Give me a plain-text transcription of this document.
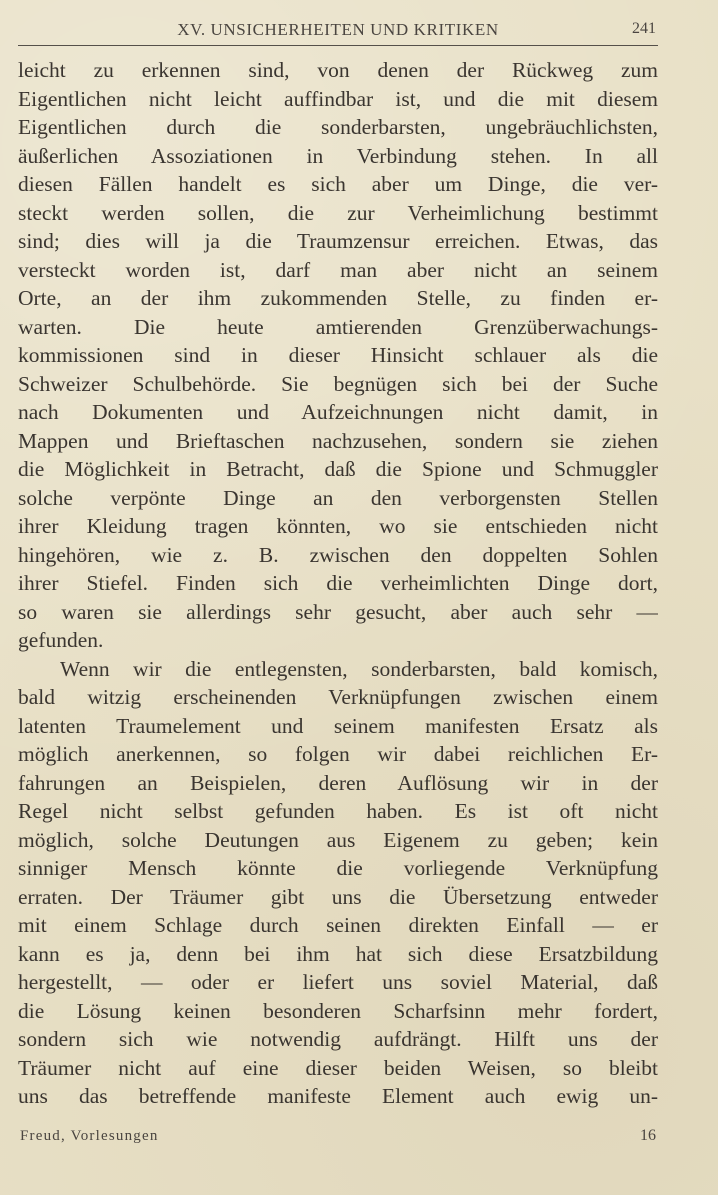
XV. UNSICHERHEITEN UND KRITIKEN	241
leicht zu erkennen sind, von denen der Rückweg zum
Eigentlichen nicht leicht auffindbar ist, und die mit diesem
Eigentlichen durch die sonderbarsten, ungebräuchlichsten,
äußerlichen Assoziationen in Verbindung stehen. In all
diesen Fällen handelt es sich aber um Dinge, die ver-
steckt werden sollen, die zur Verheimlichung bestimmt
sind; dies will ja die Traumzensur erreichen. Etwas, das
versteckt worden ist, darf man aber nicht an seinem
Orte, an der ihm zukommenden Stelle, zu finden er-
warten. Die heute amtierenden Grenzüberwachungs-
kommissionen sind in dieser Hinsicht schlauer als die
Schweizer Schulbehörde. Sie begnügen sich bei der Suche
nach Dokumenten und Aufzeichnungen nicht damit, in
Mappen und Brieftaschen nachzusehen, sondern sie ziehen
die Möglichkeit in Betracht, daß die Spione und Schmuggler
solche verpönte Dinge an den verborgensten Stellen
ihrer Kleidung tragen könnten, wo sie entschieden nicht
hingehören, wie z. B. zwischen den doppelten Sohlen
ihrer Stiefel. Finden sich die verheimlichten Dinge dort,
so waren sie allerdings sehr gesucht, aber auch sehr —
gefunden.
Wenn wir die entlegensten, sonderbarsten, bald komisch,
bald witzig erscheinenden Verknüpfungen zwischen einem
latenten Traumelement und seinem manifesten Ersatz als
möglich anerkennen, so folgen wir dabei reichlichen Er-
fahrungen an Beispielen, deren Auflösung wir in der
Regel nicht selbst gefunden haben. Es ist oft nicht
möglich, solche Deutungen aus Eigenem zu geben; kein
sinniger Mensch könnte die vorliegende Verknüpfung
erraten. Der Träumer gibt uns die Übersetzung entweder
mit einem Schlage durch seinen direkten Einfall — er
kann es ja, denn bei ihm hat sich diese Ersatzbildung
hergestellt, — oder er liefert uns soviel Material, daß
die Lösung keinen besonderen Scharfsinn mehr fordert,
sondern sich wie notwendig aufdrängt. Hilft uns der
Träumer nicht auf eine dieser beiden Weisen, so bleibt
uns das betreffende manifeste Element auch ewig un-
Freud, Vorlesungen	16
